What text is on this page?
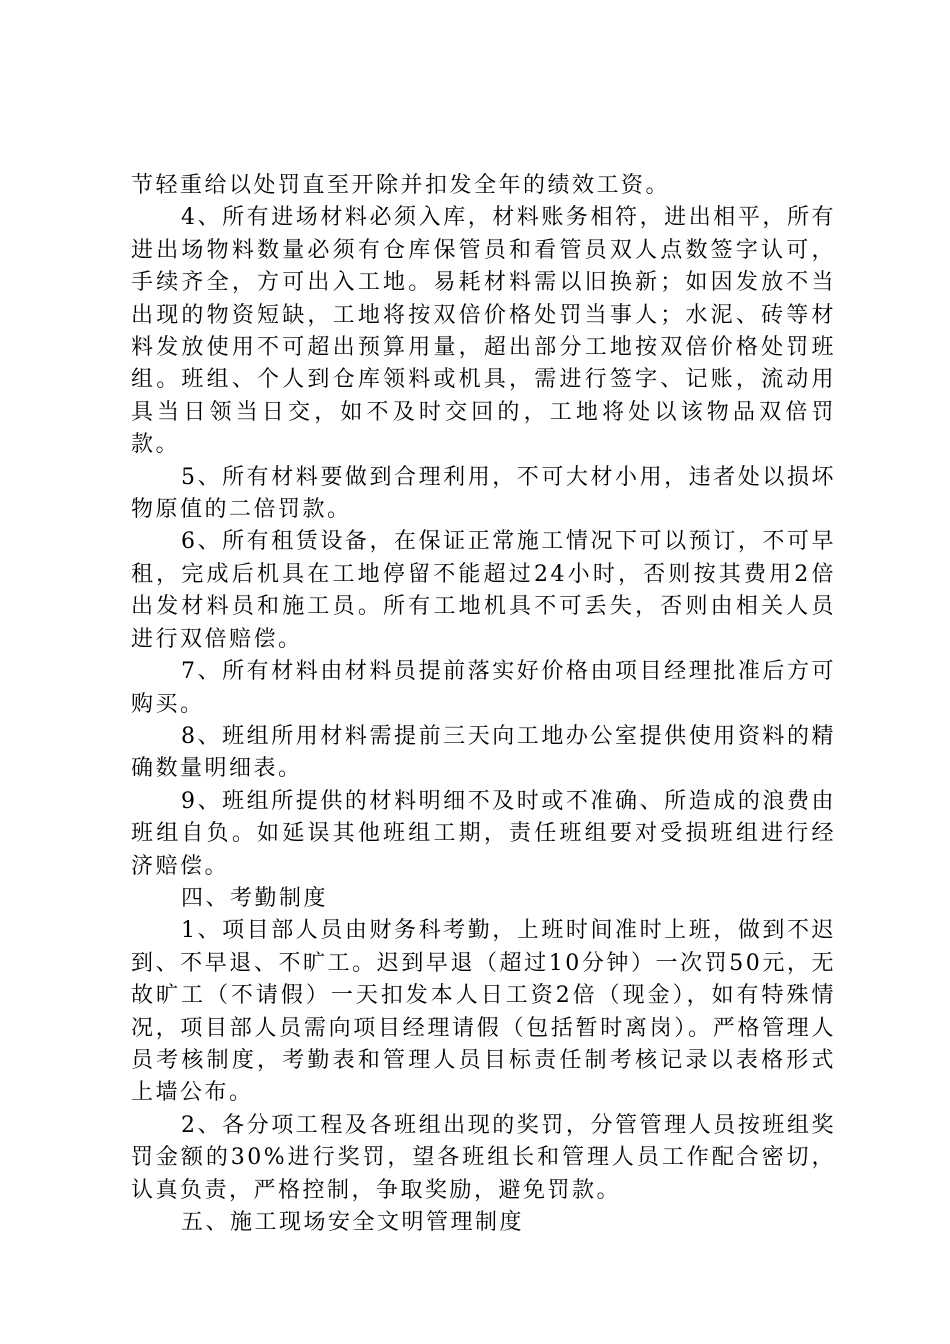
节轻重给以处罚直至开除并扣发全年的绩效工资。

4、所有进场材料必须入库，材料账务相符，进出相平，所有进出场物料数量必须有仓库保管员和看管员双人点数签字认可，手续齐全，方可出入工地。易耗材料需以旧换新；如因发放不当出现的物资短缺，工地将按双倍价格处罚当事人；水泥、砖等材料发放使用不可超出预算用量，超出部分工地按双倍价格处罚班组。班组、个人到仓库领料或机具，需进行签字、记账，流动用具当日领当日交，如不及时交回的，工地将处以该物品双倍罚款。

5、所有材料要做到合理利用，不可大材小用，违者处以损坏物原值的二倍罚款。

6、所有租赁设备，在保证正常施工情况下可以预订，不可早租，完成后机具在工地停留不能超过24小时，否则按其费用2倍出发材料员和施工员。所有工地机具不可丢失，否则由相关人员进行双倍赔偿。

7、所有材料由材料员提前落实好价格由项目经理批准后方可购买。

8、班组所用材料需提前三天向工地办公室提供使用资料的精确数量明细表。

9、班组所提供的材料明细不及时或不准确、所造成的浪费由班组自负。如延误其他班组工期，责任班组要对受损班组进行经济赔偿。

四、考勤制度

1、项目部人员由财务科考勤，上班时间准时上班，做到不迟到、不早退、不旷工。迟到早退（超过10分钟）一次罚50元，无故旷工（不请假）一天扣发本人日工资2倍（现金），如有特殊情况，项目部人员需向项目经理请假（包括暂时离岗）。严格管理人员考核制度，考勤表和管理人员目标责任制考核记录以表格形式上墙公布。

2、各分项工程及各班组出现的奖罚，分管管理人员按班组奖罚金额的30%进行奖罚，望各班组长和管理人员工作配合密切，认真负责，严格控制，争取奖励，避免罚款。

五、施工现场安全文明管理制度
